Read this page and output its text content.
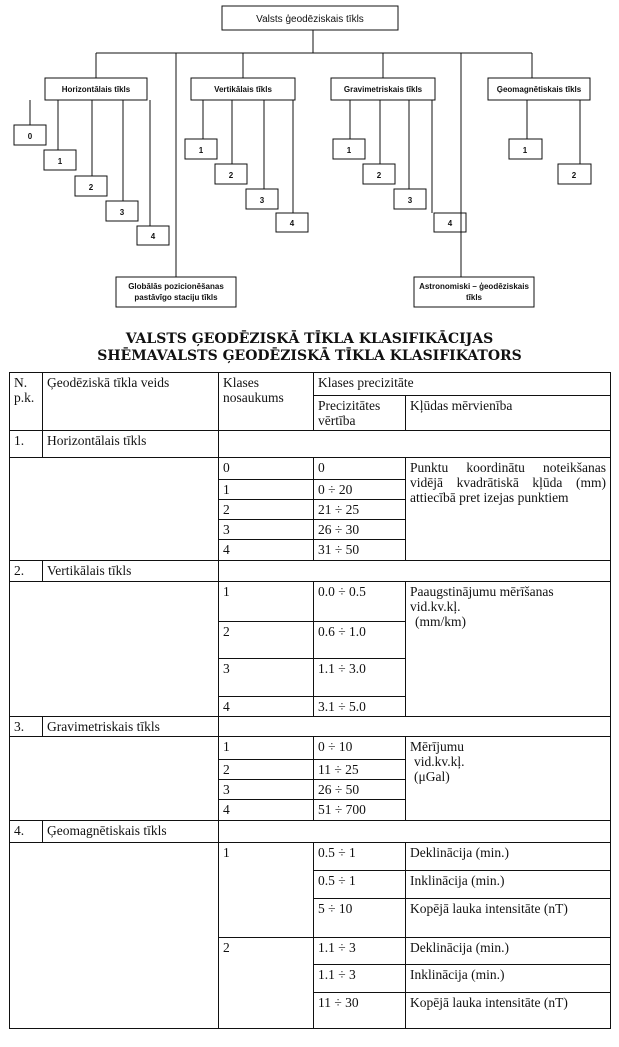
Valsts ģeodēziskais tīkls
Horizontālais tīkls
0
1
2
3
4
Vertikālais tīkls
1
2
3
4
Gravimetriskais tīkls
1
2
3
4
Ģeomagnētiskais tīkls
1
2
Globālās pozicionēšanas
pastāvīgo staciju tīkls
Astronomiski – ģeodēziskais
tīkls
VALSTS ĢEODĒZISKĀ TĪKLA KLASIFIKĀCIJAS
SHĒMAVALSTS ĢEODĒZISKĀ TĪKLA KLASIFIKATORS
N. p.k.	Ģeodēziskā tīkla veids	Klases nosaukums	Klases precizitāte	
			Precizitātes vērtība	Kļūdas mērvienība
1.	Horizontālais tīkls			
		0	0	Punktu koordinātu noteikšanas vidējā kvadrātiskā kļūda (mm) attiecībā pret izejas punktiem
		1	0 ÷ 20	
		2	21 ÷ 25	
		3	26 ÷ 30	
		4	31 ÷ 50	
2.	Vertikālais tīkls			
		1	0.0 ÷ 0.5	Paaugstinājumu mērīšanas
vid.kv.kļ.
(mm/km)

		2	0.6 ÷ 1.0	
		3	1.1 ÷ 3.0	
		4	3.1 ÷ 5.0	
3.	Gravimetriskais tīkls			
		1	0 ÷ 10	Mērījumu
vid.kv.kļ.
(μGal)

		2	11 ÷ 25	
		3	26 ÷ 50	
		4	51 ÷ 700	
4.	Ģeomagnētiskais tīkls			
		1	0.5 ÷ 1	Deklinācija (min.)
			0.5 ÷ 1	Inklinācija (min.)
			5 ÷ 10	Kopējā lauka intensitāte (nT)
		2	1.1 ÷ 3	Deklinācija (min.)
			1.1 ÷ 3	Inklinācija (min.)
			11 ÷ 30	Kopējā lauka intensitāte (nT)
